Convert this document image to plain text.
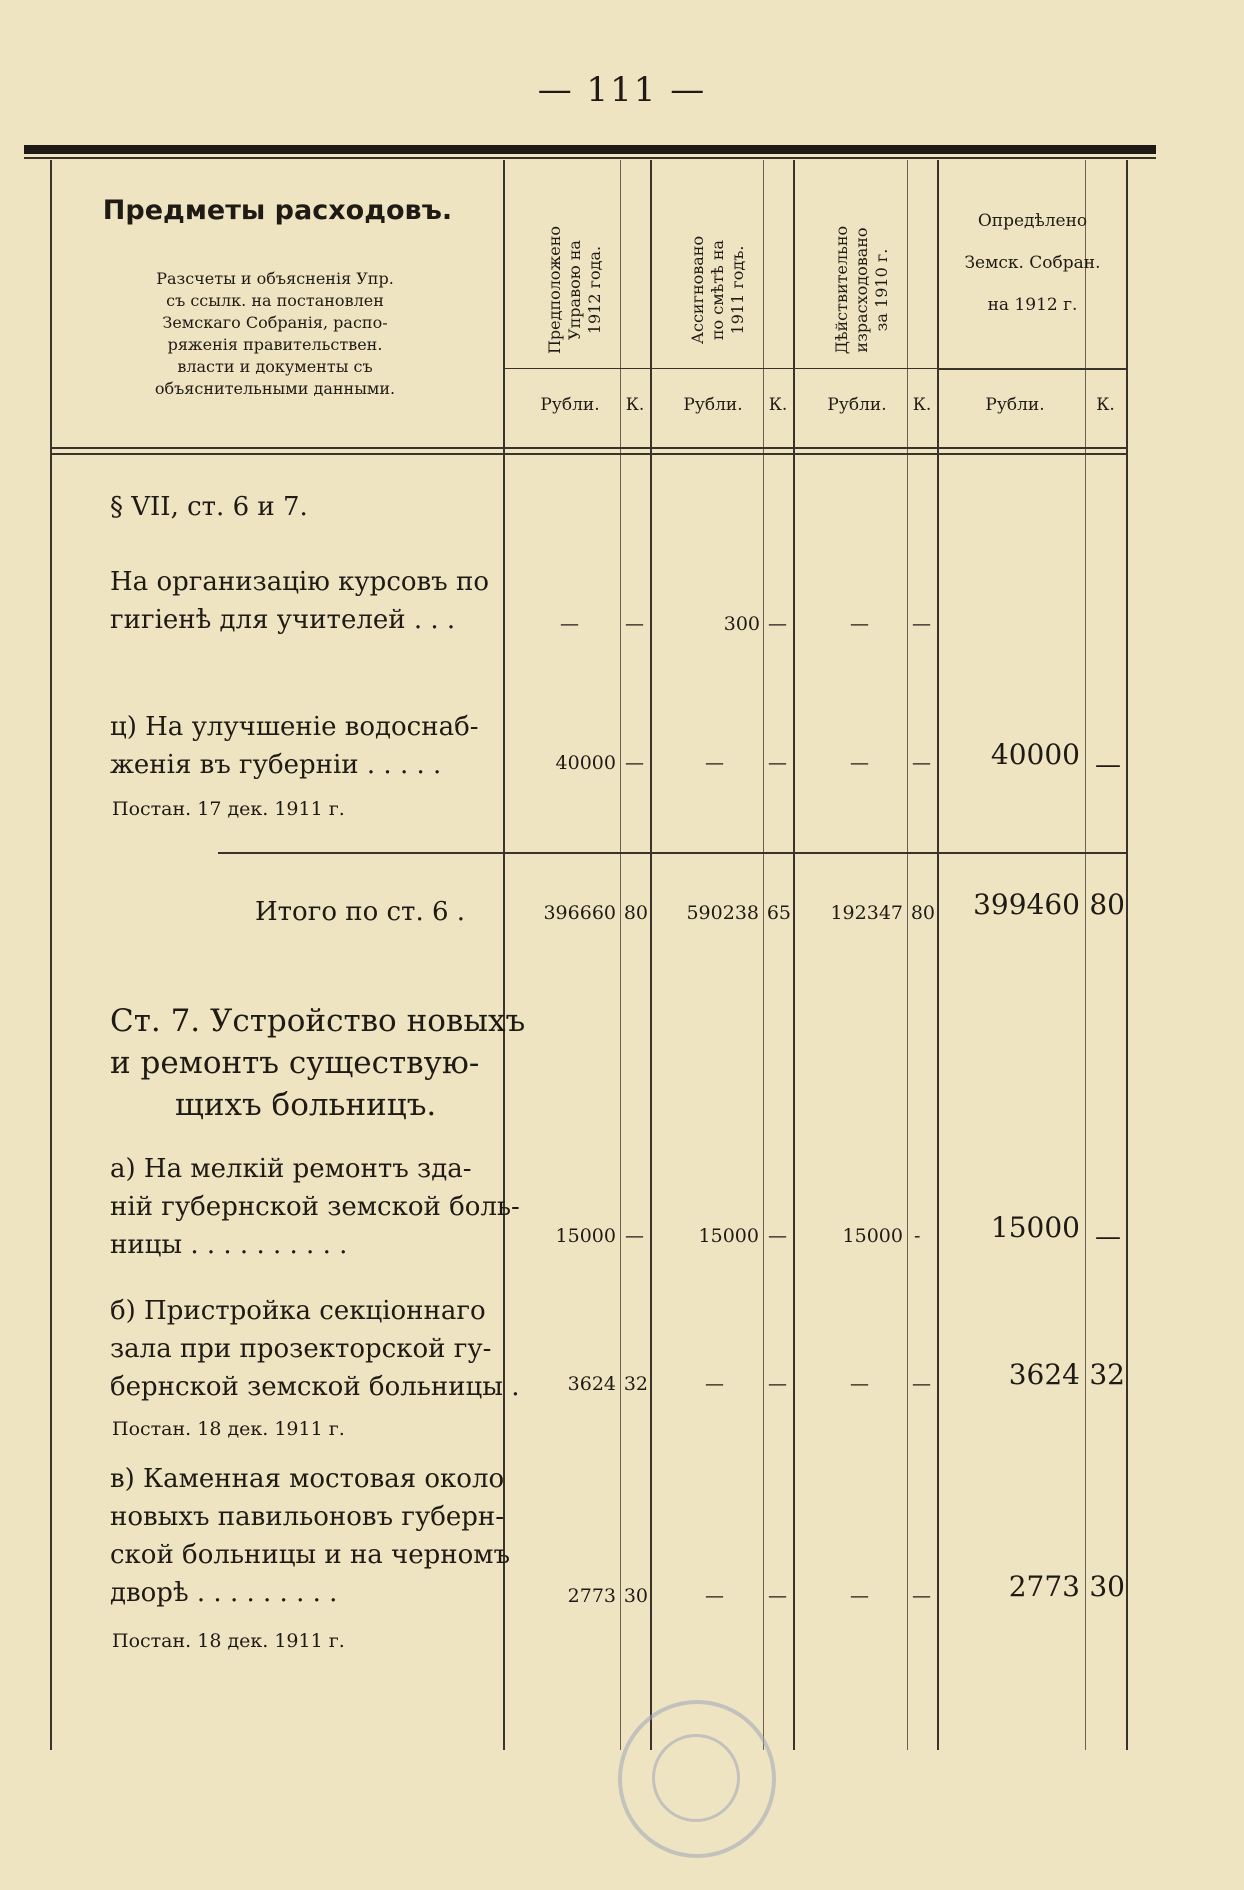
— 111 —
Предметы расходовъ.
Разсчеты и объясненія Упр.
съ ссылк. на постановлен
Земскаго Собранія, распо-
ряженія правительствен.
власти и документы съ
объяснительными данными.
Предположено
Управою на
1912 года.	Ассигновано
по смѣтѣ на
1911 годъ.	Дѣйствительно
израсходовано
за 1910 г.
Опредѣлено
Земск. Собран.
на 1912 г.
Рубли.	К.	Рубли.	К.	Рубли.	К.	Рубли.	К.
§ VII, ст. 6 и 7.
На организацію курсовъ по
гигіенѣ для учителей . . .	— —	300 —	— —
ц) На улучшеніе водоснаб-
женія въ губерніи . . . . .
Постан. 17 дек. 1911 г.
40000 —	— —	— —	40000 —
Итого по ст. 6 .	396660 80	590238 65	192347 80	399460 80
Ст. 7. Устройство новыхъ
и ремонтъ существую-
щихъ больницъ.
а) На мелкій ремонтъ зда-
ній губернской земской боль-
ницы . . . . . . . . . .	15000 —	15000 —	15000 -	15000 —
б) Пристройка секціоннаго
зала при прозекторской гу-
бернской земской больницы .
Постан. 18 дек. 1911 г.
3624 32	— —	— —	3624 32
в) Каменная мостовая около
новыхъ павильоновъ губерн-
ской больницы и на черномъ
дворѣ . . . . . . . . .
Постан. 18 дек. 1911 г.
2773 30	— —	— —	2773 30
